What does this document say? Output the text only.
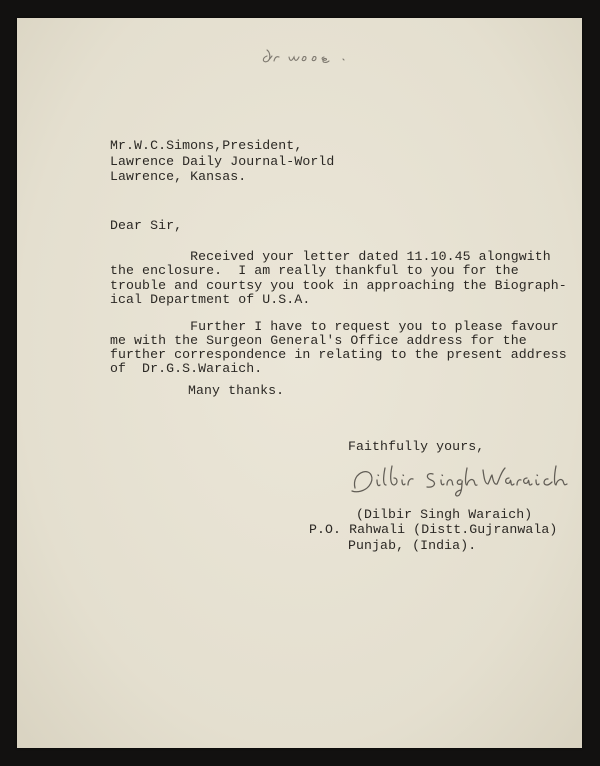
Mr.W.C.Simons,President,
Lawrence Daily Journal-World
Lawrence, Kansas.
Dear Sir,
Received your letter dated 11.10.45 alongwith
the enclosure.  I am really thankful to you for the
trouble and courtsy you took in approaching the Biograph-
ical Department of U.S.A.
Further I have to request you to please favour
me with the Surgeon General's Office address for the
further correspondence in relating to the present address
of  Dr.G.S.Waraich.
Many thanks.
Faithfully yours,
(Dilbir Singh Waraich)
P.O. Rahwali (Distt.Gujranwala)
Punjab, (India).
